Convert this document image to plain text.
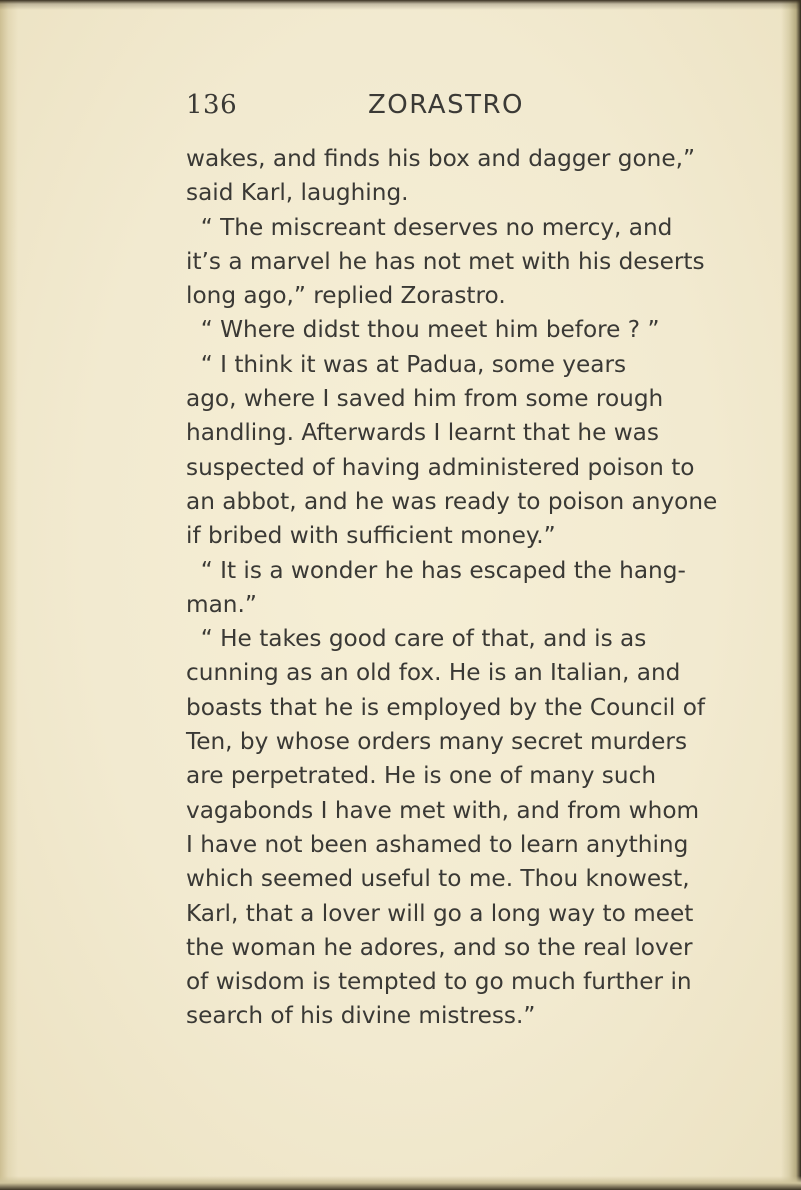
136	ZORASTRO
wakes, and finds his box and dagger gone,”
said Karl, laughing.
“ The miscreant deserves no mercy, and
it’s a marvel he has not met with his deserts
long ago,” replied Zorastro.
“ Where didst thou meet him before ? ”
“ I think it was at Padua, some years
ago, where I saved him from some rough
handling. Afterwards I learnt that he was
suspected of having administered poison to
an abbot, and he was ready to poison anyone
if bribed with sufficient money.”
“ It is a wonder he has escaped the hang-
man.”
“ He takes good care of that, and is as
cunning as an old fox. He is an Italian, and
boasts that he is employed by the Council of
Ten, by whose orders many secret murders
are perpetrated. He is one of many such
vagabonds I have met with, and from whom
I have not been ashamed to learn anything
which seemed useful to me. Thou knowest,
Karl, that a lover will go a long way to meet
the woman he adores, and so the real lover
of wisdom is tempted to go much further in
search of his divine mistress.”
